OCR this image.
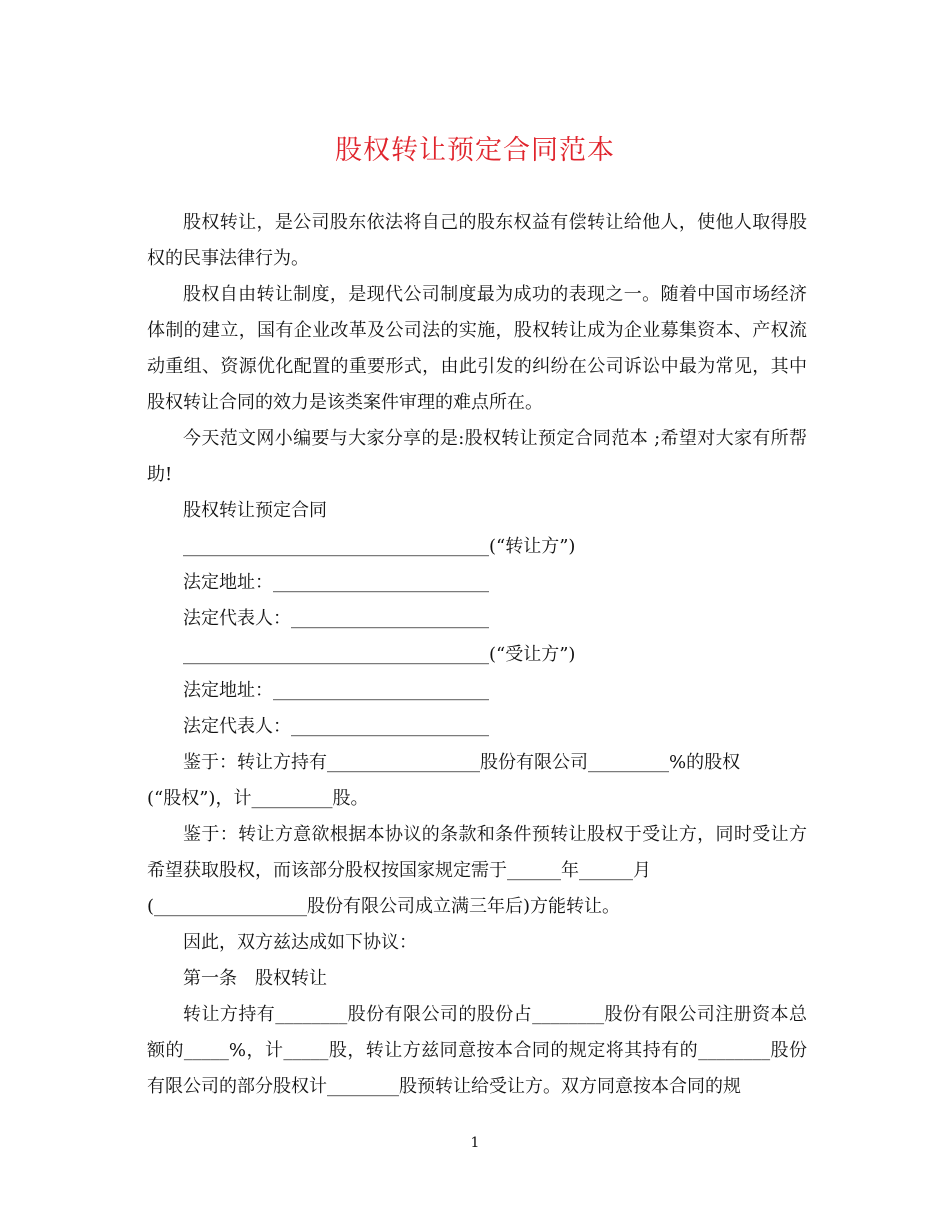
股权转让预定合同范本

股权转让，是公司股东依法将自己的股东权益有偿转让给他人，使他人取得股权的民事法律行为。

股权自由转让制度，是现代公司制度最为成功的表现之一。随着中国市场经济体制的建立，国有企业改革及公司法的实施，股权转让成为企业募集资本、产权流动重组、资源优化配置的重要形式，由此引发的纠纷在公司诉讼中最为常见，其中股权转让合同的效力是该类案件审理的难点所在。

今天范文网小编要与大家分享的是:股权转让预定合同范本 ;希望对大家有所帮助!

股权转让预定合同

__________________________________(“转让方”)

法定地址：________________________

法定代表人：______________________

__________________________________(“受让方”)

法定地址：________________________

法定代表人：______________________

鉴于：转让方持有_________________股份有限公司_________%的股权

(“股权”)，计_________股。

鉴于：转让方意欲根据本协议的条款和条件预转让股权于受让方，同时受让方希望获取股权，而该部分股权按国家规定需于______年______月

(_________________股份有限公司成立满三年后)方能转让。

因此，双方兹达成如下协议：

第一条　股权转让

转让方持有________股份有限公司的股份占________股份有限公司注册资本总额的_____%，计_____股，转让方兹同意按本合同的规定将其持有的________股份有限公司的部分股权计________股预转让给受让方。双方同意按本合同的规

1
